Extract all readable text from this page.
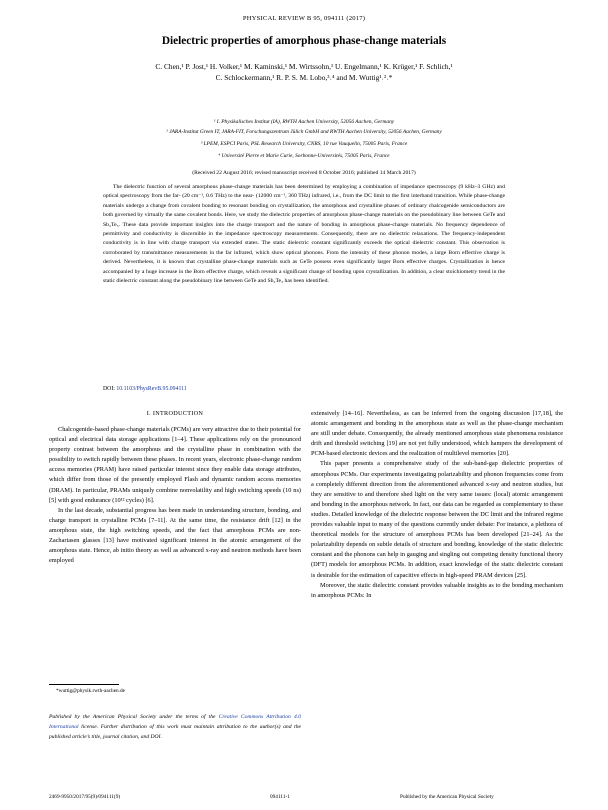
PHYSICAL REVIEW B 95, 094111 (2017)
Dielectric properties of amorphous phase-change materials
C. Chen,¹ P. Jost,¹ H. Volker,¹ M. Kaminski,¹ M. Wirtssohn,¹ U. Engelmann,¹ K. Krüger,¹ F. Schlich,¹
C. Schlockermann,¹ R. P. S. M. Lobo,³˒⁴ and M. Wuttig¹˒²˒*
¹ I. Physikalisches Institut (IA), RWTH Aachen University, 52056 Aachen, Germany
² JARA-Institut Green IT, JARA-FIT, Forschungszentrum Jülich GmbH and RWTH Aachen University, 52056 Aachen, Germany
³ LPEM, ESPCI Paris, PSL Research University, CNRS, 10 rue Vauquelin, 75005 Paris, France
⁴ Université Pierre et Marie Curie, Sorbonne-Universités, 75005 Paris, France
(Received 22 August 2016; revised manuscript received 8 October 2016; published 14 March 2017)

The dielectric function of several amorphous phase-change materials has been determined by employing a combination of impedance spectroscopy (9 kHz–3 GHz) and optical spectroscopy from the far- (20 cm⁻¹, 0.6 THz) to the near- (12000 cm⁻¹, 360 THz) infrared, i.e., from the DC limit to the first interband transition. While phase-change materials undergo a change from covalent bonding to resonant bonding on crystallization, the amorphous and crystalline phases of ordinary chalcogenide semiconductors are both governed by virtually the same covalent bonds. Here, we study the dielectric properties of amorphous phase-change materials on the pseudobinary line between GeTe and Sb₂Te₃. These data provide important insights into the charge transport and the nature of bonding in amorphous phase-change materials. No frequency dependence of permittivity and conductivity is discernible in the impedance spectroscopy measurements. Consequently, there are no dielectric relaxations. The frequency-independent conductivity is in line with charge transport via extended states. The static dielectric constant significantly exceeds the optical dielectric constant. This observation is corroborated by transmittance measurements in the far infrared, which show optical phonons. From the intensity of these phonon modes, a large Born effective charge is derived. Nevertheless, it is known that crystalline phase-change materials such as GeTe possess even significantly larger Born effective charges. Crystallization is hence accompanied by a huge increase in the Born effective charge, which reveals a significant change of bonding upon crystallization. In addition, a clear stoichiometry trend in the static dielectric constant along the pseudobinary line between GeTe and Sb₂Te₃ has been identified.

DOI: 10.1103/PhysRevB.95.094111
I. INTRODUCTION

Chalcogenide-based phase-change materials (PCMs) are very attractive due to their potential for optical and electrical data storage applications [1–4]. These applications rely on the pronounced property contrast between the amorphous and the crystalline phase in combination with the possibility to switch rapidly between these phases. In recent years, electronic phase-change random access memories (PRAM) have raised particular interest since they enable data storage attributes, which differ from those of the presently employed Flash and dynamic random access memories (DRAM). In particular, PRAMs uniquely combine nonvolatility and high switching speeds (10 ns) [5] with good endurance (10¹² cycles) [6].

In the last decade, substantial progress has been made in understanding structure, bonding, and charge transport in crystalline PCMs [7–11]. At the same time, the resistance drift [12] in the amorphous state, the high switching speeds, and the fact that amorphous PCMs are non-Zachariasen glasses [13] have motivated significant interest in the atomic arrangement of the amorphous state. Hence, ab initio theory as well as advanced x-ray and neutron methods have been employed

extensively [14–16]. Nevertheless, as can be inferred from the ongoing discussion [17,18], the atomic arrangement and bonding in the amorphous state as well as the phase-change mechanism are still under debate. Consequently, the already mentioned amorphous state phenomena resistance drift and threshold switching [19] are not yet fully understood, which hampers the development of PCM-based electronic devices and the realization of multilevel memories [20].

This paper presents a comprehensive study of the sub-band-gap dielectric properties of amorphous PCMs. Our experiments investigating polarizability and phonon frequencies come from a completely different direction from the aforementioned advanced x-ray and neutron studies, but they are sensitive to and therefore shed light on the very same issues: (local) atomic arrangement and bonding in the amorphous network. In fact, our data can be regarded as complementary to these studies. Detailed knowledge of the dielectric response between the DC limit and the infrared regime provides valuable input to many of the questions currently under debate: For instance, a plethora of theoretical models for the structure of amorphous PCMs has been developed [21–24]. As the polarizability depends on subtle details of structure and bonding, knowledge of the static dielectric constant and the phonons can help in gauging and singling out competing density functional theory (DFT) models for amorphous PCMs. In addition, exact knowledge of the static dielectric constant is desirable for the estimation of capacitive effects in high-speed PRAM devices [25].

Moreover, the static dielectric constant provides valuable insights as to the bonding mechanism in amorphous PCMs: In

*wuttig@physik.rwth-aachen.de
Published by the American Physical Society under the terms of the Creative Commons Attribution 4.0 International license. Further distribution of this work must maintain attribution to the author(s) and the published article’s title, journal citation, and DOI.
2469-9950/2017/95(9)/094111(9)	094111-1	Published by the American Physical Society
